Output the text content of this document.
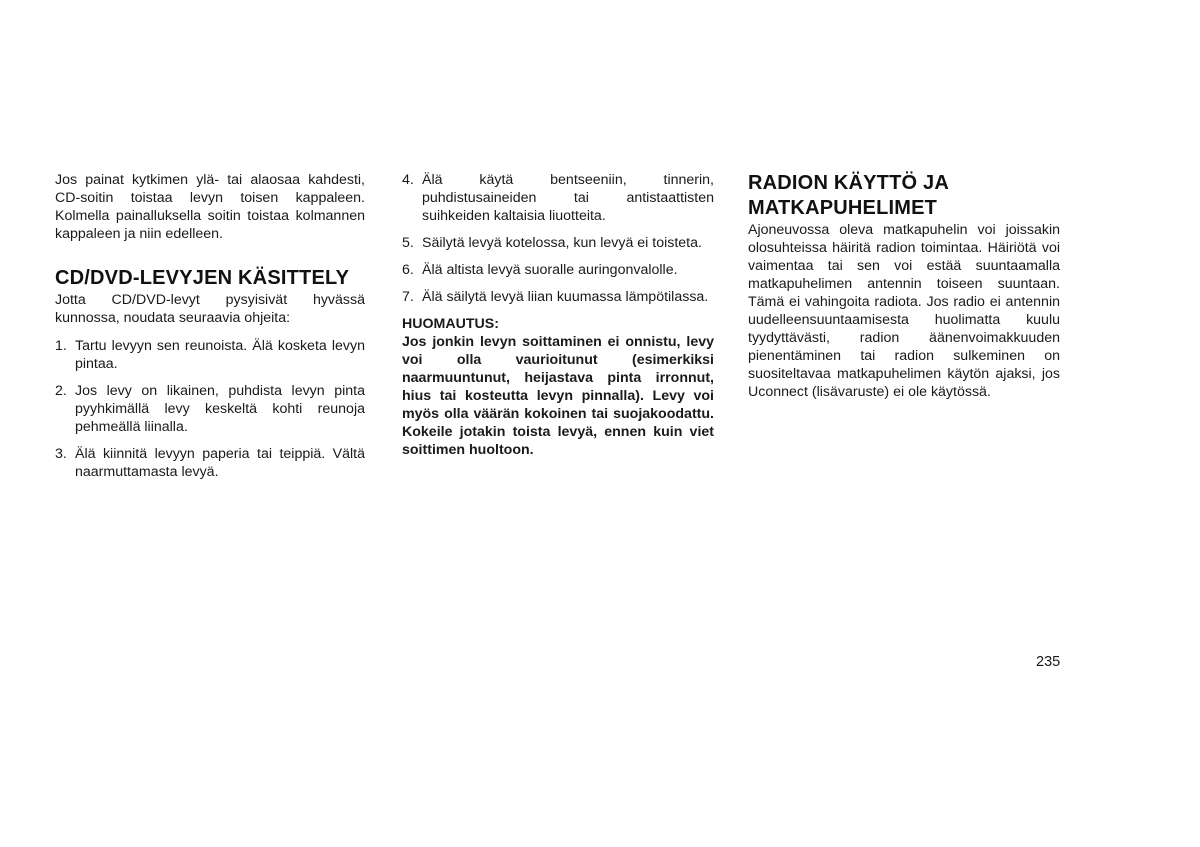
Jos painat kytkimen ylä- tai alaosaa kahdesti, CD-soitin toistaa levyn toisen kappaleen. Kolmella painalluksella soitin toistaa kolmannen kappaleen ja niin edelleen.

CD/DVD-LEVYJEN KÄSITTELY

Jotta CD/DVD-levyt pysyisivät hyvässä kunnossa, noudata seuraavia ohjeita:

1. Tartu levyyn sen reunoista. Älä kosketa levyn pintaa.
2. Jos levy on likainen, puhdista levyn pinta pyyhkimällä levy keskeltä kohti reunoja pehmeällä liinalla.
3. Älä kiinnitä levyyn paperia tai teippiä. Vältä naarmuttamasta levyä.
4. Älä käytä bentseeniin, tinnerin, puhdistusaineiden tai antistaattisten suihkeiden kaltaisia liuotteita.
5. Säilytä levyä kotelossa, kun levyä ei toisteta.
6. Älä altista levyä suoralle auringonvalolle.
7. Älä säilytä levyä liian kuumassa lämpötilassa.

HUOMAUTUS:

Jos jonkin levyn soittaminen ei onnistu, levy voi olla vaurioitunut (esimerkiksi naarmuuntunut, heijastava pinta irronnut, hius tai kosteutta levyn pinnalla). Levy voi myös olla väärän kokoinen tai suojakoodattu. Kokeile jotakin toista levyä, ennen kuin viet soittimen huoltoon.

RADION KÄYTTÖ JA MATKAPUHELIMET

Ajoneuvossa oleva matkapuhelin voi joissakin olosuhteissa häiritä radion toimintaa. Häiriötä voi vaimentaa tai sen voi estää suuntaamalla matkapuhelimen antennin toiseen suuntaan. Tämä ei vahingoita radiota. Jos radio ei antennin uudelleensuuntaamisesta huolimatta kuulu tyydyttävästi, radion äänenvoimakkuuden pienentäminen tai radion sulkeminen on suositeltavaa matkapuhelimen käytön ajaksi, jos Uconnect (lisävaruste) ei ole käytössä.

235
